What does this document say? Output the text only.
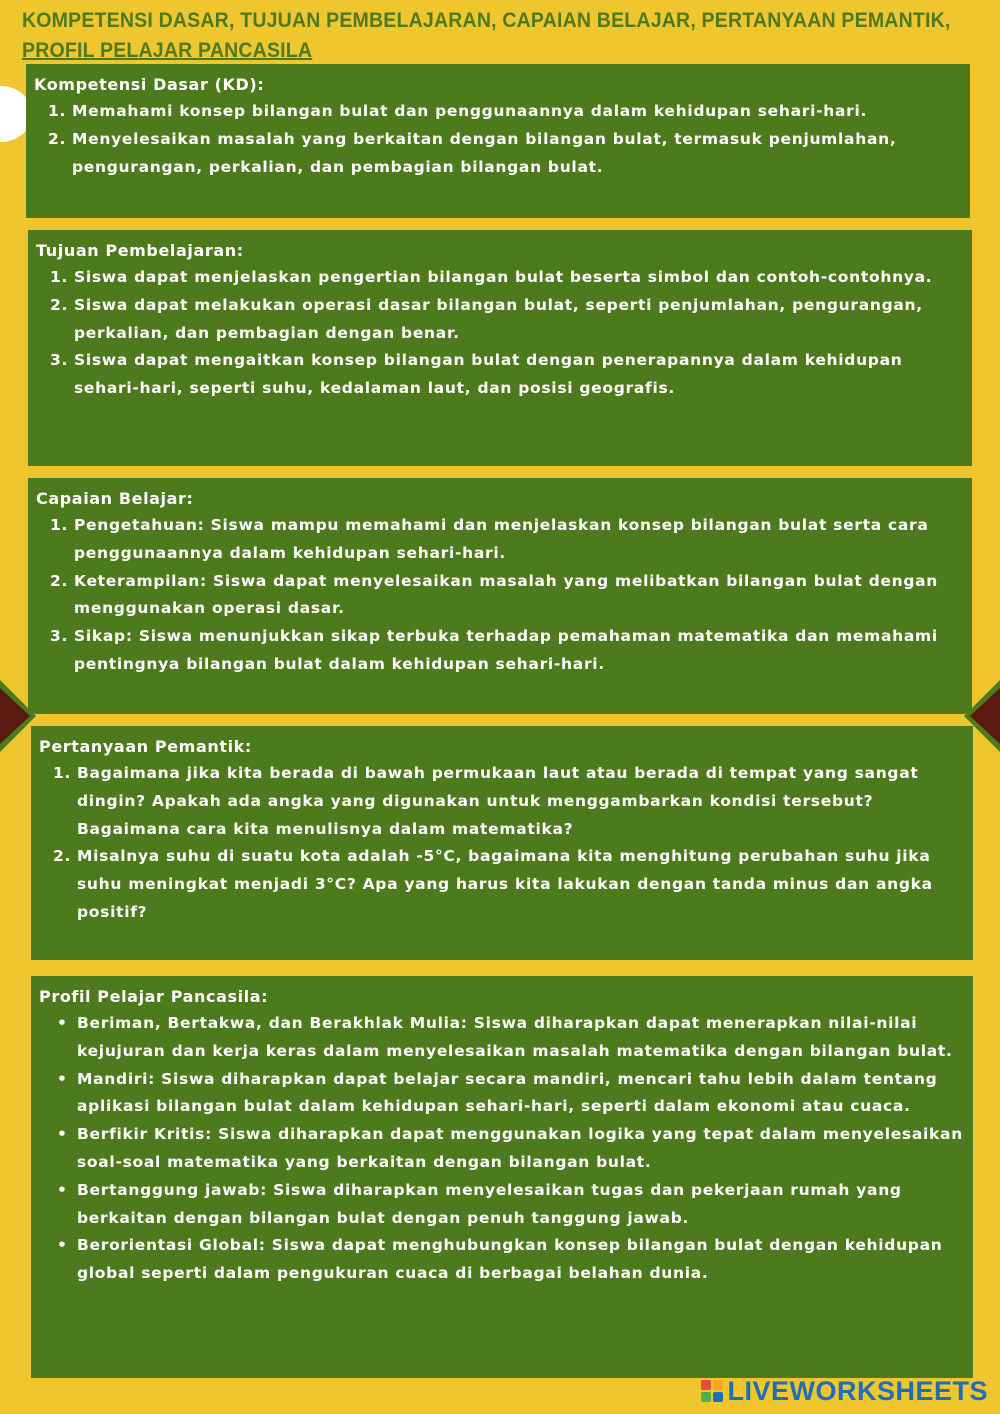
KOMPETENSI DASAR, TUJUAN PEMBELAJARAN, CAPAIAN BELAJAR, PERTANYAAN PEMANTIK,
PROFIL PELAJAR PANCASILA
Kompetensi Dasar (KD):
1. Memahami konsep bilangan bulat dan penggunaannya dalam kehidupan sehari-hari.
2. Menyelesaikan masalah yang berkaitan dengan bilangan bulat, termasuk penjumlahan, pengurangan, perkalian, dan pembagian bilangan bulat.
Tujuan Pembelajaran:
1. Siswa dapat menjelaskan pengertian bilangan bulat beserta simbol dan contoh-contohnya.
2. Siswa dapat melakukan operasi dasar bilangan bulat, seperti penjumlahan, pengurangan, perkalian, dan pembagian dengan benar.
3. Siswa dapat mengaitkan konsep bilangan bulat dengan penerapannya dalam kehidupan sehari-hari, seperti suhu, kedalaman laut, dan posisi geografis.
Capaian Belajar:
1. Pengetahuan: Siswa mampu memahami dan menjelaskan konsep bilangan bulat serta cara penggunaannya dalam kehidupan sehari-hari.
2. Keterampilan: Siswa dapat menyelesaikan masalah yang melibatkan bilangan bulat dengan menggunakan operasi dasar.
3. Sikap: Siswa menunjukkan sikap terbuka terhadap pemahaman matematika dan memahami pentingnya bilangan bulat dalam kehidupan sehari-hari.
Pertanyaan Pemantik:
1. Bagaimana jika kita berada di bawah permukaan laut atau berada di tempat yang sangat dingin? Apakah ada angka yang digunakan untuk menggambarkan kondisi tersebut? Bagaimana cara kita menulisnya dalam matematika?
2. Misalnya suhu di suatu kota adalah -5°C, bagaimana kita menghitung perubahan suhu jika suhu meningkat menjadi 3°C? Apa yang harus kita lakukan dengan tanda minus dan angka positif?
Profil Pelajar Pancasila:
• Beriman, Bertakwa, dan Berakhlak Mulia: Siswa diharapkan dapat menerapkan nilai-nilai kejujuran dan kerja keras dalam menyelesaikan masalah matematika dengan bilangan bulat.
• Mandiri: Siswa diharapkan dapat belajar secara mandiri, mencari tahu lebih dalam tentang aplikasi bilangan bulat dalam kehidupan sehari-hari, seperti dalam ekonomi atau cuaca.
• Berfikir Kritis: Siswa diharapkan dapat menggunakan logika yang tepat dalam menyelesaikan soal-soal matematika yang berkaitan dengan bilangan bulat.
• Bertanggung jawab: Siswa diharapkan menyelesaikan tugas dan pekerjaan rumah yang berkaitan dengan bilangan bulat dengan penuh tanggung jawab.
• Berorientasi Global: Siswa dapat menghubungkan konsep bilangan bulat dengan kehidupan global seperti dalam pengukuran cuaca di berbagai belahan dunia.
LIVEWORKSHEETS
